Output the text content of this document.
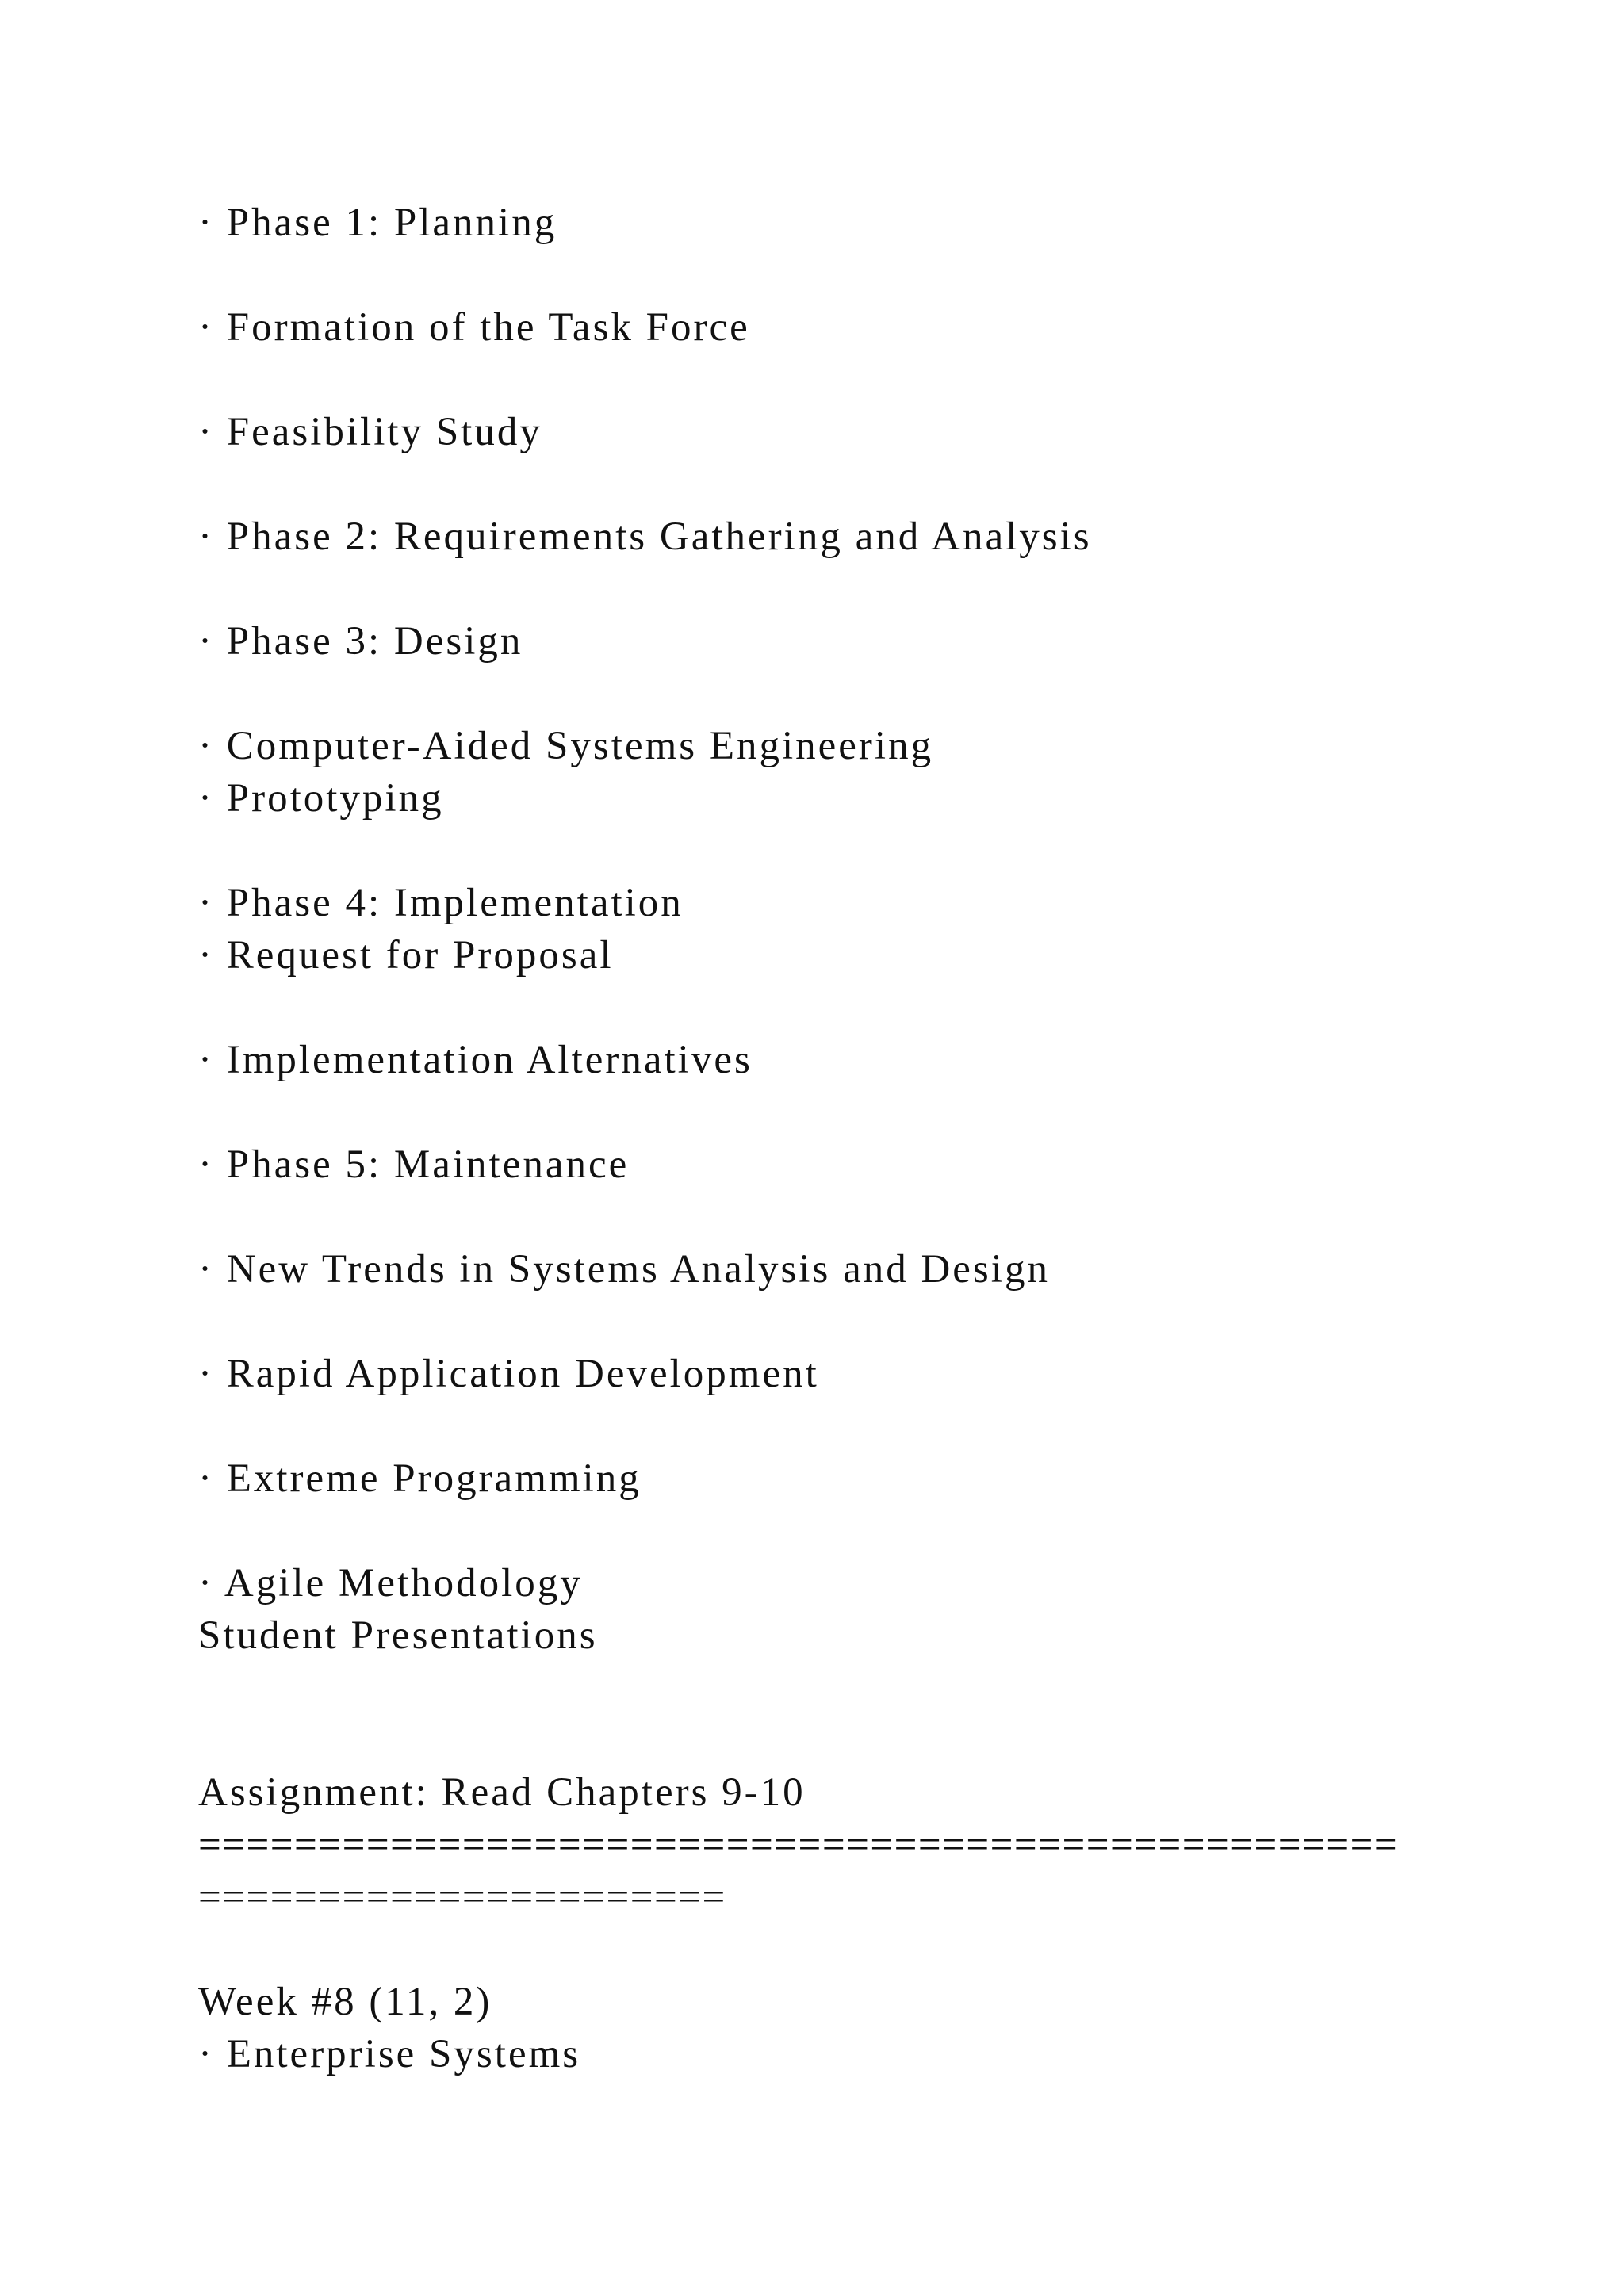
· Phase 1: Planning

· Formation of the Task Force

· Feasibility Study

· Phase 2: Requirements Gathering and Analysis

· Phase 3: Design

· Computer-Aided Systems Engineering

· Prototyping

· Phase 4: Implementation

· Request for Proposal

· Implementation Alternatives

· Phase 5: Maintenance

· New Trends in Systems Analysis and Design

· Rapid Application Development

· Extreme Programming

· Agile Methodology

Student Presentations

Assignment: Read Chapters 9-10

==================================================

======================

Week #8 (11, 2)

· Enterprise Systems
